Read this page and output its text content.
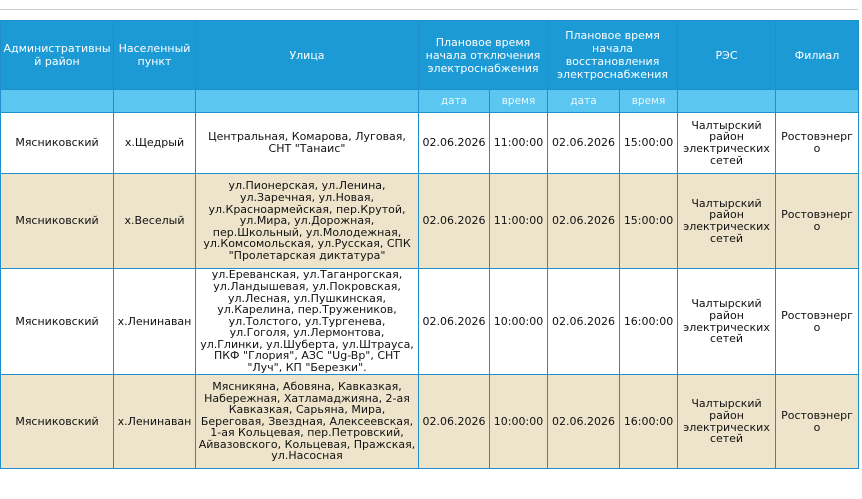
Административный район	Населенный пункт	Улица	Плановое время начала отключения электроснабжения		Плановое время начала восстановления электроснабжения		РЭС	Филиал
			дата	время	дата	время		
Мясниковский	х.Щедрый	Центральная, Комарова, Луговая, СНТ "Танаис"	02.06.2026	11:00:00	02.06.2026	15:00:00	Чалтырский район электрических сетей	Ростовэнерго
Мясниковский	х.Веселый	ул.Пионерская, ул.Ленина, ул.Заречная, ул.Новая, ул.Красноармейская, пер.Крутой, ул.Мира, ул.Дорожная, пер.Школьный, ул.Молодежная, ул.Комсомольская, ул.Русская, СПК "Пролетарская диктатура"	02.06.2026	11:00:00	02.06.2026	15:00:00	Чалтырский район электрических сетей	Ростовэнерго
Мясниковский	х.Ленинаван	ул.Ереванская, ул.Таганрогская, ул.Ландышевая, ул.Покровская, ул.Лесная, ул.Пушкинская, ул.Карелина, пер.Тружеников, ул.Толстого, ул.Тургенева, ул.Гоголя, ул.Лермонтова, ул.Глинки, ул.Шуберта, ул.Штрауса, ПКФ "Глория", АЗС "Ug-Bp", СНТ "Луч", КП "Березки".	02.06.2026	10:00:00	02.06.2026	16:00:00	Чалтырский район электрических сетей	Ростовэнерго
Мясниковский	х.Ленинаван	Мясникяна, Абовяна, Кавказкая, Набережная, Хатламаджияна, 2-ая Кавказкая, Сарьяна, Мира, Береговая, Звездная, Алексеевская, 1-ая Кольцевая, пер.Петровский, Айвазовского, Кольцевая, Пражская, ул.Насосная	02.06.2026	10:00:00	02.06.2026	16:00:00	Чалтырский район электрических сетей	Ростовэнерго
